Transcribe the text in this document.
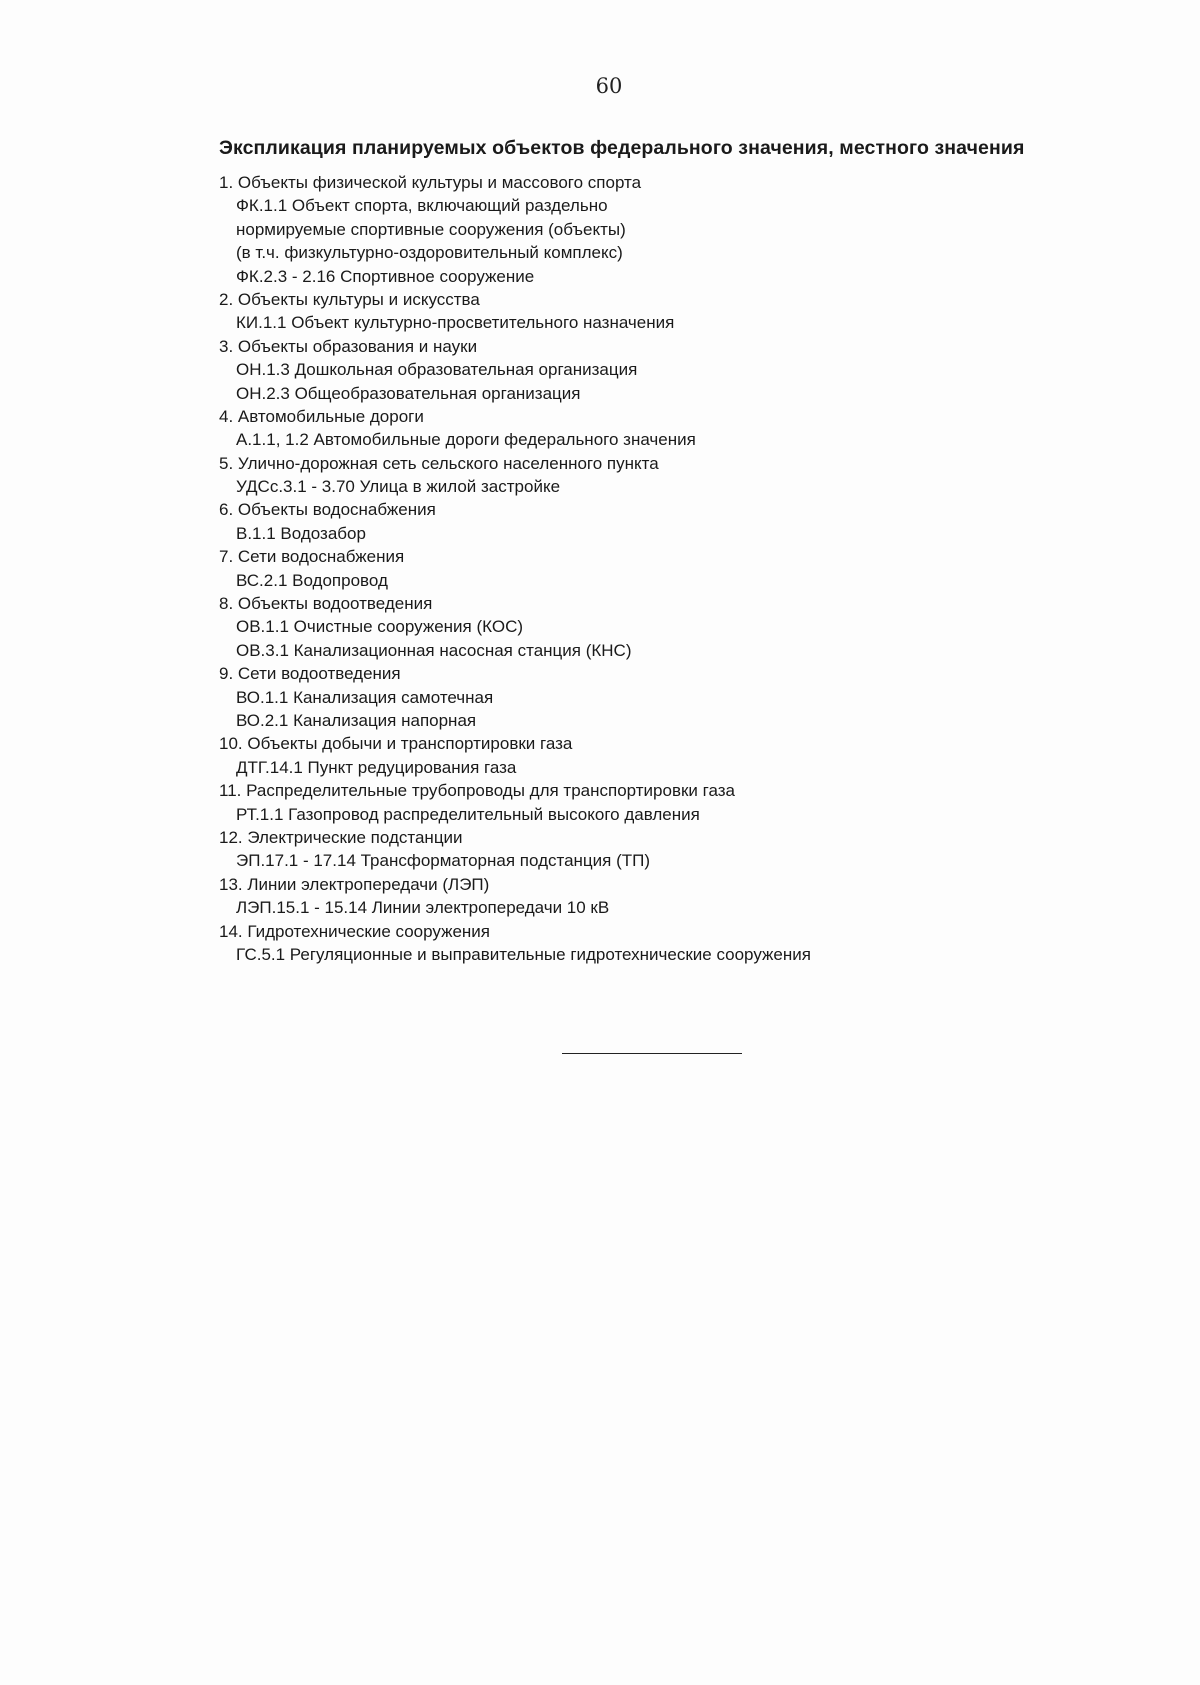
60
Экспликация планируемых объектов федерального значения, местного значения
1. Объекты физической культуры и массового спорта
ФК.1.1 Объект спорта, включающий раздельно
нормируемые спортивные сооружения (объекты)
(в т.ч. физкультурно-оздоровительный комплекс)
ФК.2.3 - 2.16 Спортивное сооружение
2. Объекты культуры и искусства
КИ.1.1 Объект культурно-просветительного назначения
3. Объекты образования и науки
ОН.1.3 Дошкольная образовательная организация
ОН.2.3 Общеобразовательная организация
4. Автомобильные дороги
А.1.1, 1.2 Автомобильные дороги федерального значения
5. Улично-дорожная сеть сельского населенного пункта
УДСс.3.1 - 3.70 Улица в жилой застройке
6. Объекты водоснабжения
В.1.1 Водозабор
7. Сети водоснабжения
ВС.2.1 Водопровод
8. Объекты водоотведения
ОВ.1.1 Очистные сооружения (КОС)
ОВ.3.1 Канализационная насосная станция (КНС)
9. Сети водоотведения
ВО.1.1 Канализация самотечная
ВО.2.1 Канализация напорная
10. Объекты добычи и транспортировки газа
ДТГ.14.1 Пункт редуцирования газа
11. Распределительные трубопроводы для транспортировки газа
РТ.1.1 Газопровод распределительный высокого давления
12. Электрические подстанции
ЭП.17.1 - 17.14 Трансформаторная подстанция (ТП)
13. Линии электропередачи (ЛЭП)
ЛЭП.15.1 - 15.14 Линии электропередачи 10 кВ
14. Гидротехнические сооружения
ГС.5.1 Регуляционные и выправительные гидротехнические сооружения
